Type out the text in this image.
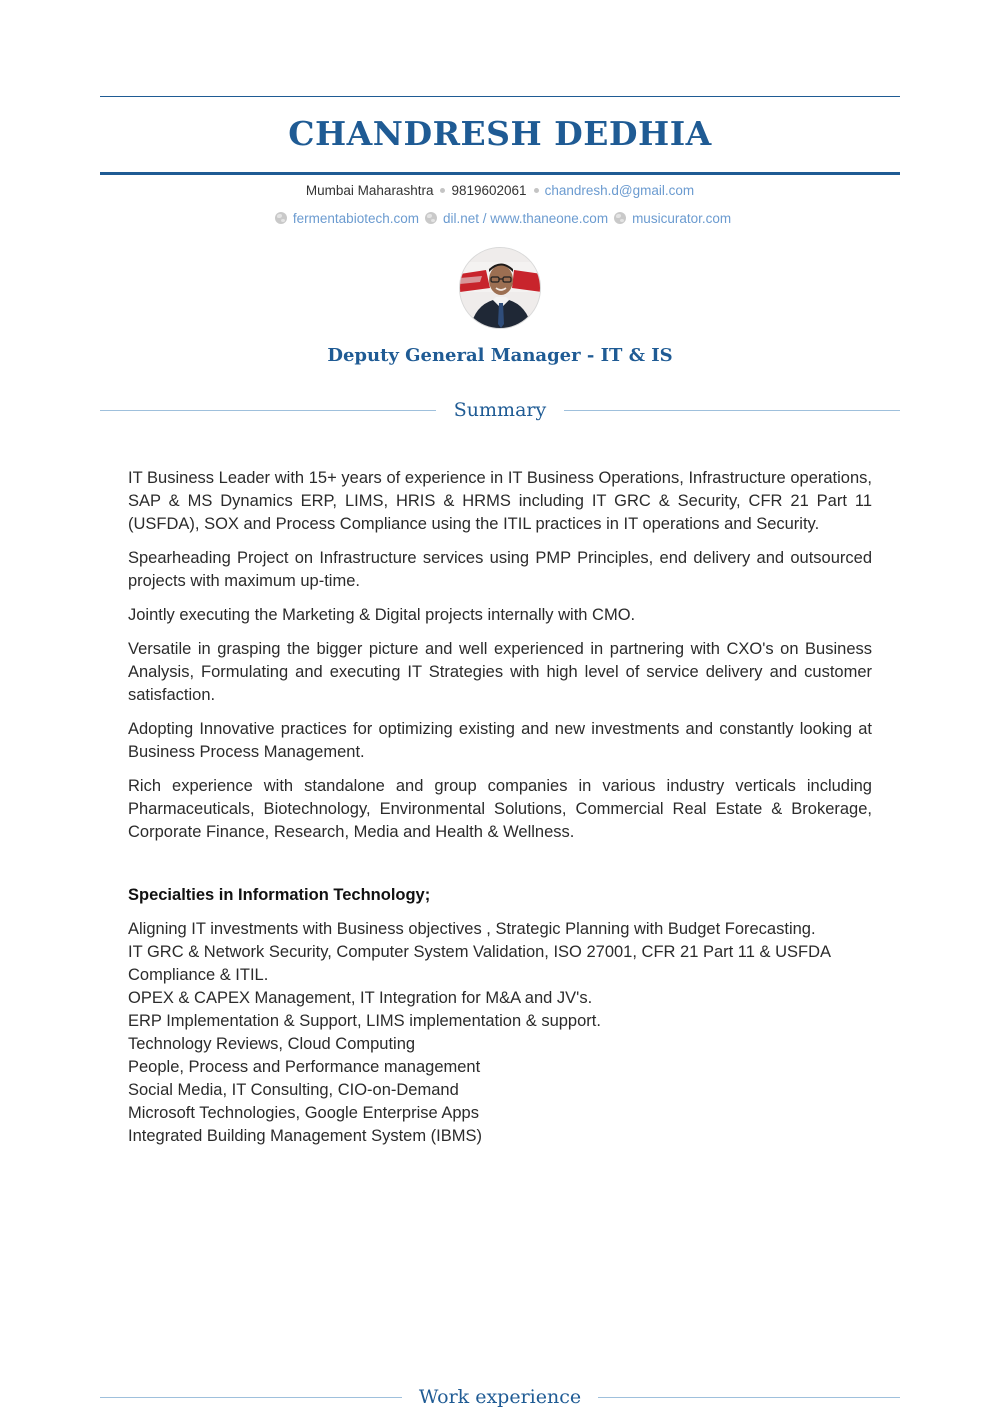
CHANDRESH DEDHIA
Mumbai Maharashtra 9819602061 chandresh.d@gmail.com
fermentabiotech.com dil.net / www.thaneone.com musicurator.com
Deputy General Manager - IT & IS
Summary

IT Business Leader with 15+ years of experience in IT Business Operations, Infrastructure operations, SAP & MS Dynamics ERP, LIMS, HRIS & HRMS including IT GRC & Security, CFR 21 Part 11 (USFDA), SOX and Process Compliance using the ITIL practices in IT operations and Security.

Spearheading Project on Infrastructure services using PMP Principles, end delivery and outsourced projects with maximum up-time.

Jointly executing the Marketing & Digital projects internally with CMO.

Versatile in grasping the bigger picture and well experienced in partnering with CXO's on Business Analysis, Formulating and executing IT Strategies with high level of service delivery and customer satisfaction.

Adopting Innovative practices for optimizing existing and new investments and constantly looking at Business Process Management.

Rich experience with standalone and group companies in various industry verticals including Pharmaceuticals, Biotechnology, Environmental Solutions, Commercial Real Estate & Brokerage, Corporate Finance, Research, Media and Health & Wellness.

Specialties in Information Technology;
Aligning IT investments with Business objectives , Strategic Planning with Budget Forecasting.
IT GRC & Network Security, Computer System Validation, ISO 27001, CFR 21 Part 11 & USFDA
Compliance & ITIL.
OPEX & CAPEX Management, IT Integration for M&A and JV's.
ERP Implementation & Support, LIMS implementation & support.
Technology Reviews, Cloud Computing
People, Process and Performance management
Social Media, IT Consulting, CIO-on-Demand
Microsoft Technologies, Google Enterprise Apps
Integrated Building Management System (IBMS)
Work experience
